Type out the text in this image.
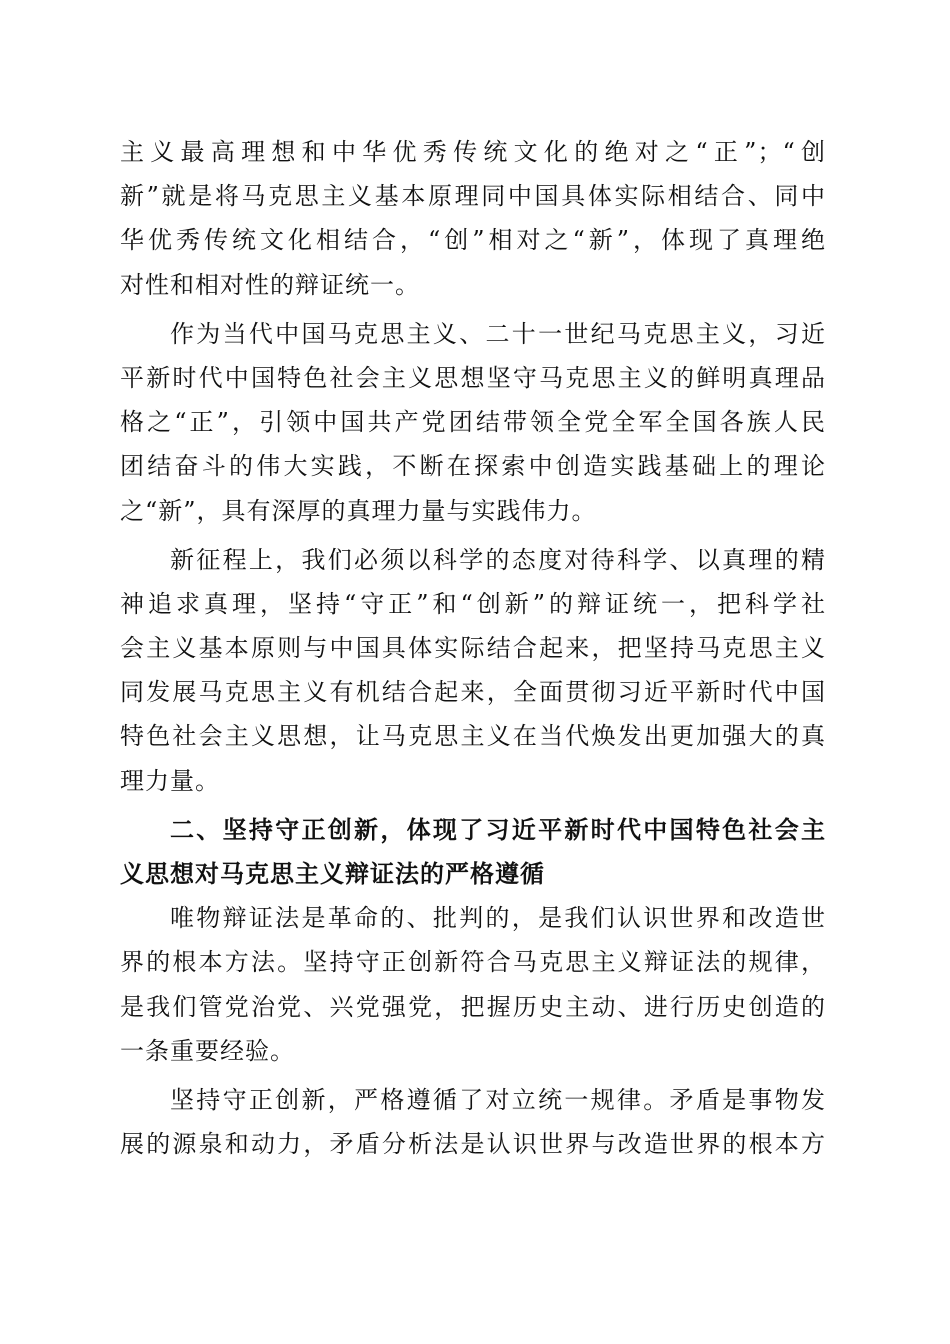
主义最高理想和中华优秀传统文化的绝对之“正”；“创
新”就是将马克思主义基本原理同中国具体实际相结合、同中
华优秀传统文化相结合，“创”相对之“新”，体现了真理绝
对性和相对性的辩证统一。
作为当代中国马克思主义、二十一世纪马克思主义，习近
平新时代中国特色社会主义思想坚守马克思主义的鲜明真理品
格之“正”，引领中国共产党团结带领全党全军全国各族人民
团结奋斗的伟大实践，不断在探索中创造实践基础上的理论
之“新”，具有深厚的真理力量与实践伟力。
新征程上，我们必须以科学的态度对待科学、以真理的精
神追求真理，坚持“守正”和“创新”的辩证统一，把科学社
会主义基本原则与中国具体实际结合起来，把坚持马克思主义
同发展马克思主义有机结合起来，全面贯彻习近平新时代中国
特色社会主义思想，让马克思主义在当代焕发出更加强大的真
理力量。
二、坚持守正创新，体现了习近平新时代中国特色社会主
义思想对马克思主义辩证法的严格遵循
唯物辩证法是革命的、批判的，是我们认识世界和改造世
界的根本方法。坚持守正创新符合马克思主义辩证法的规律，
是我们管党治党、兴党强党，把握历史主动、进行历史创造的
一条重要经验。
坚持守正创新，严格遵循了对立统一规律。矛盾是事物发
展的源泉和动力，矛盾分析法是认识世界与改造世界的根本方
